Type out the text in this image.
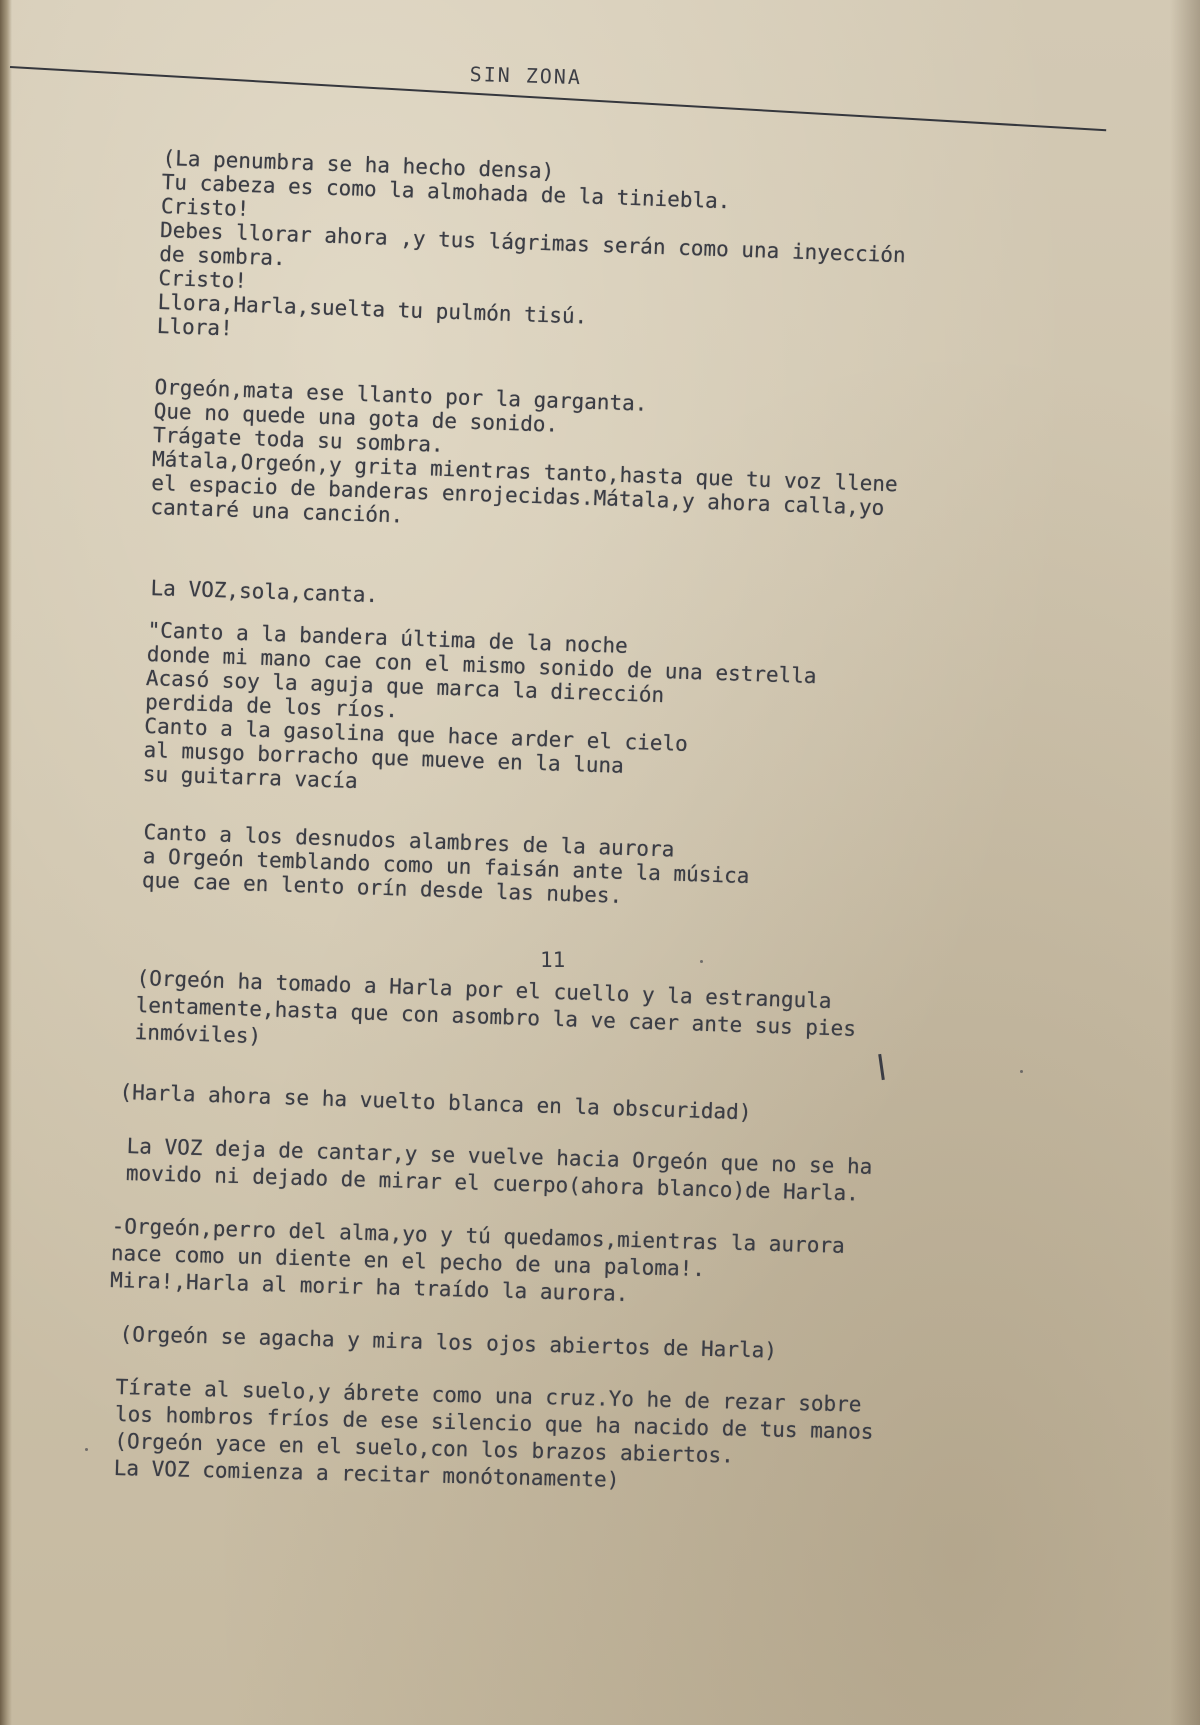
SIN ZONA
(La penumbra se ha hecho densa)
Tu cabeza es como la almohada de la tiniebla.
Cristo!
Debes llorar ahora ,y tus lágrimas serán como una inyección
de sombra.
Cristo!
Llora,Harla,suelta tu pulmón tisú.
Llora!
Orgeón,mata ese llanto por la garganta.
Que no quede una gota de sonido.
Trágate toda su sombra.
Mátala,Orgeón,y grita mientras tanto,hasta que tu voz llene
el espacio de banderas enrojecidas.Mátala,y ahora calla,yo
cantaré una canción.
La VOZ,sola,canta.
"Canto a la bandera última de la noche
donde mi mano cae con el mismo sonido de una estrella
Acasó soy la aguja que marca la dirección
perdida de los ríos.
Canto a la gasolina que hace arder el cielo
al musgo borracho que mueve en la luna
su guitarra vacía
Canto a los desnudos alambres de la aurora
a Orgeón temblando como un faisán ante la música
que cae en lento orín desde las nubes.
11
(Orgeón ha tomado a Harla por el cuello y la estrangula
lentamente,hasta que con asombro la ve caer ante sus pies
inmóviles)
(Harla ahora se ha vuelto blanca en la obscuridad)
La VOZ deja de cantar,y se vuelve hacia Orgeón que no se ha
movido ni dejado de mirar el cuerpo(ahora blanco)de Harla.
-Orgeón,perro del alma,yo y tú quedamos,mientras la aurora
nace como un diente en el pecho de una paloma!.
Mira!,Harla al morir ha traído la aurora.
(Orgeón se agacha y mira los ojos abiertos de Harla)
Tírate al suelo,y ábrete como una cruz.Yo he de rezar sobre
los hombros fríos de ese silencio que ha nacido de tus manos
(Orgeón yace en el suelo,con los brazos abiertos.
La VOZ comienza a recitar monótonamente)
